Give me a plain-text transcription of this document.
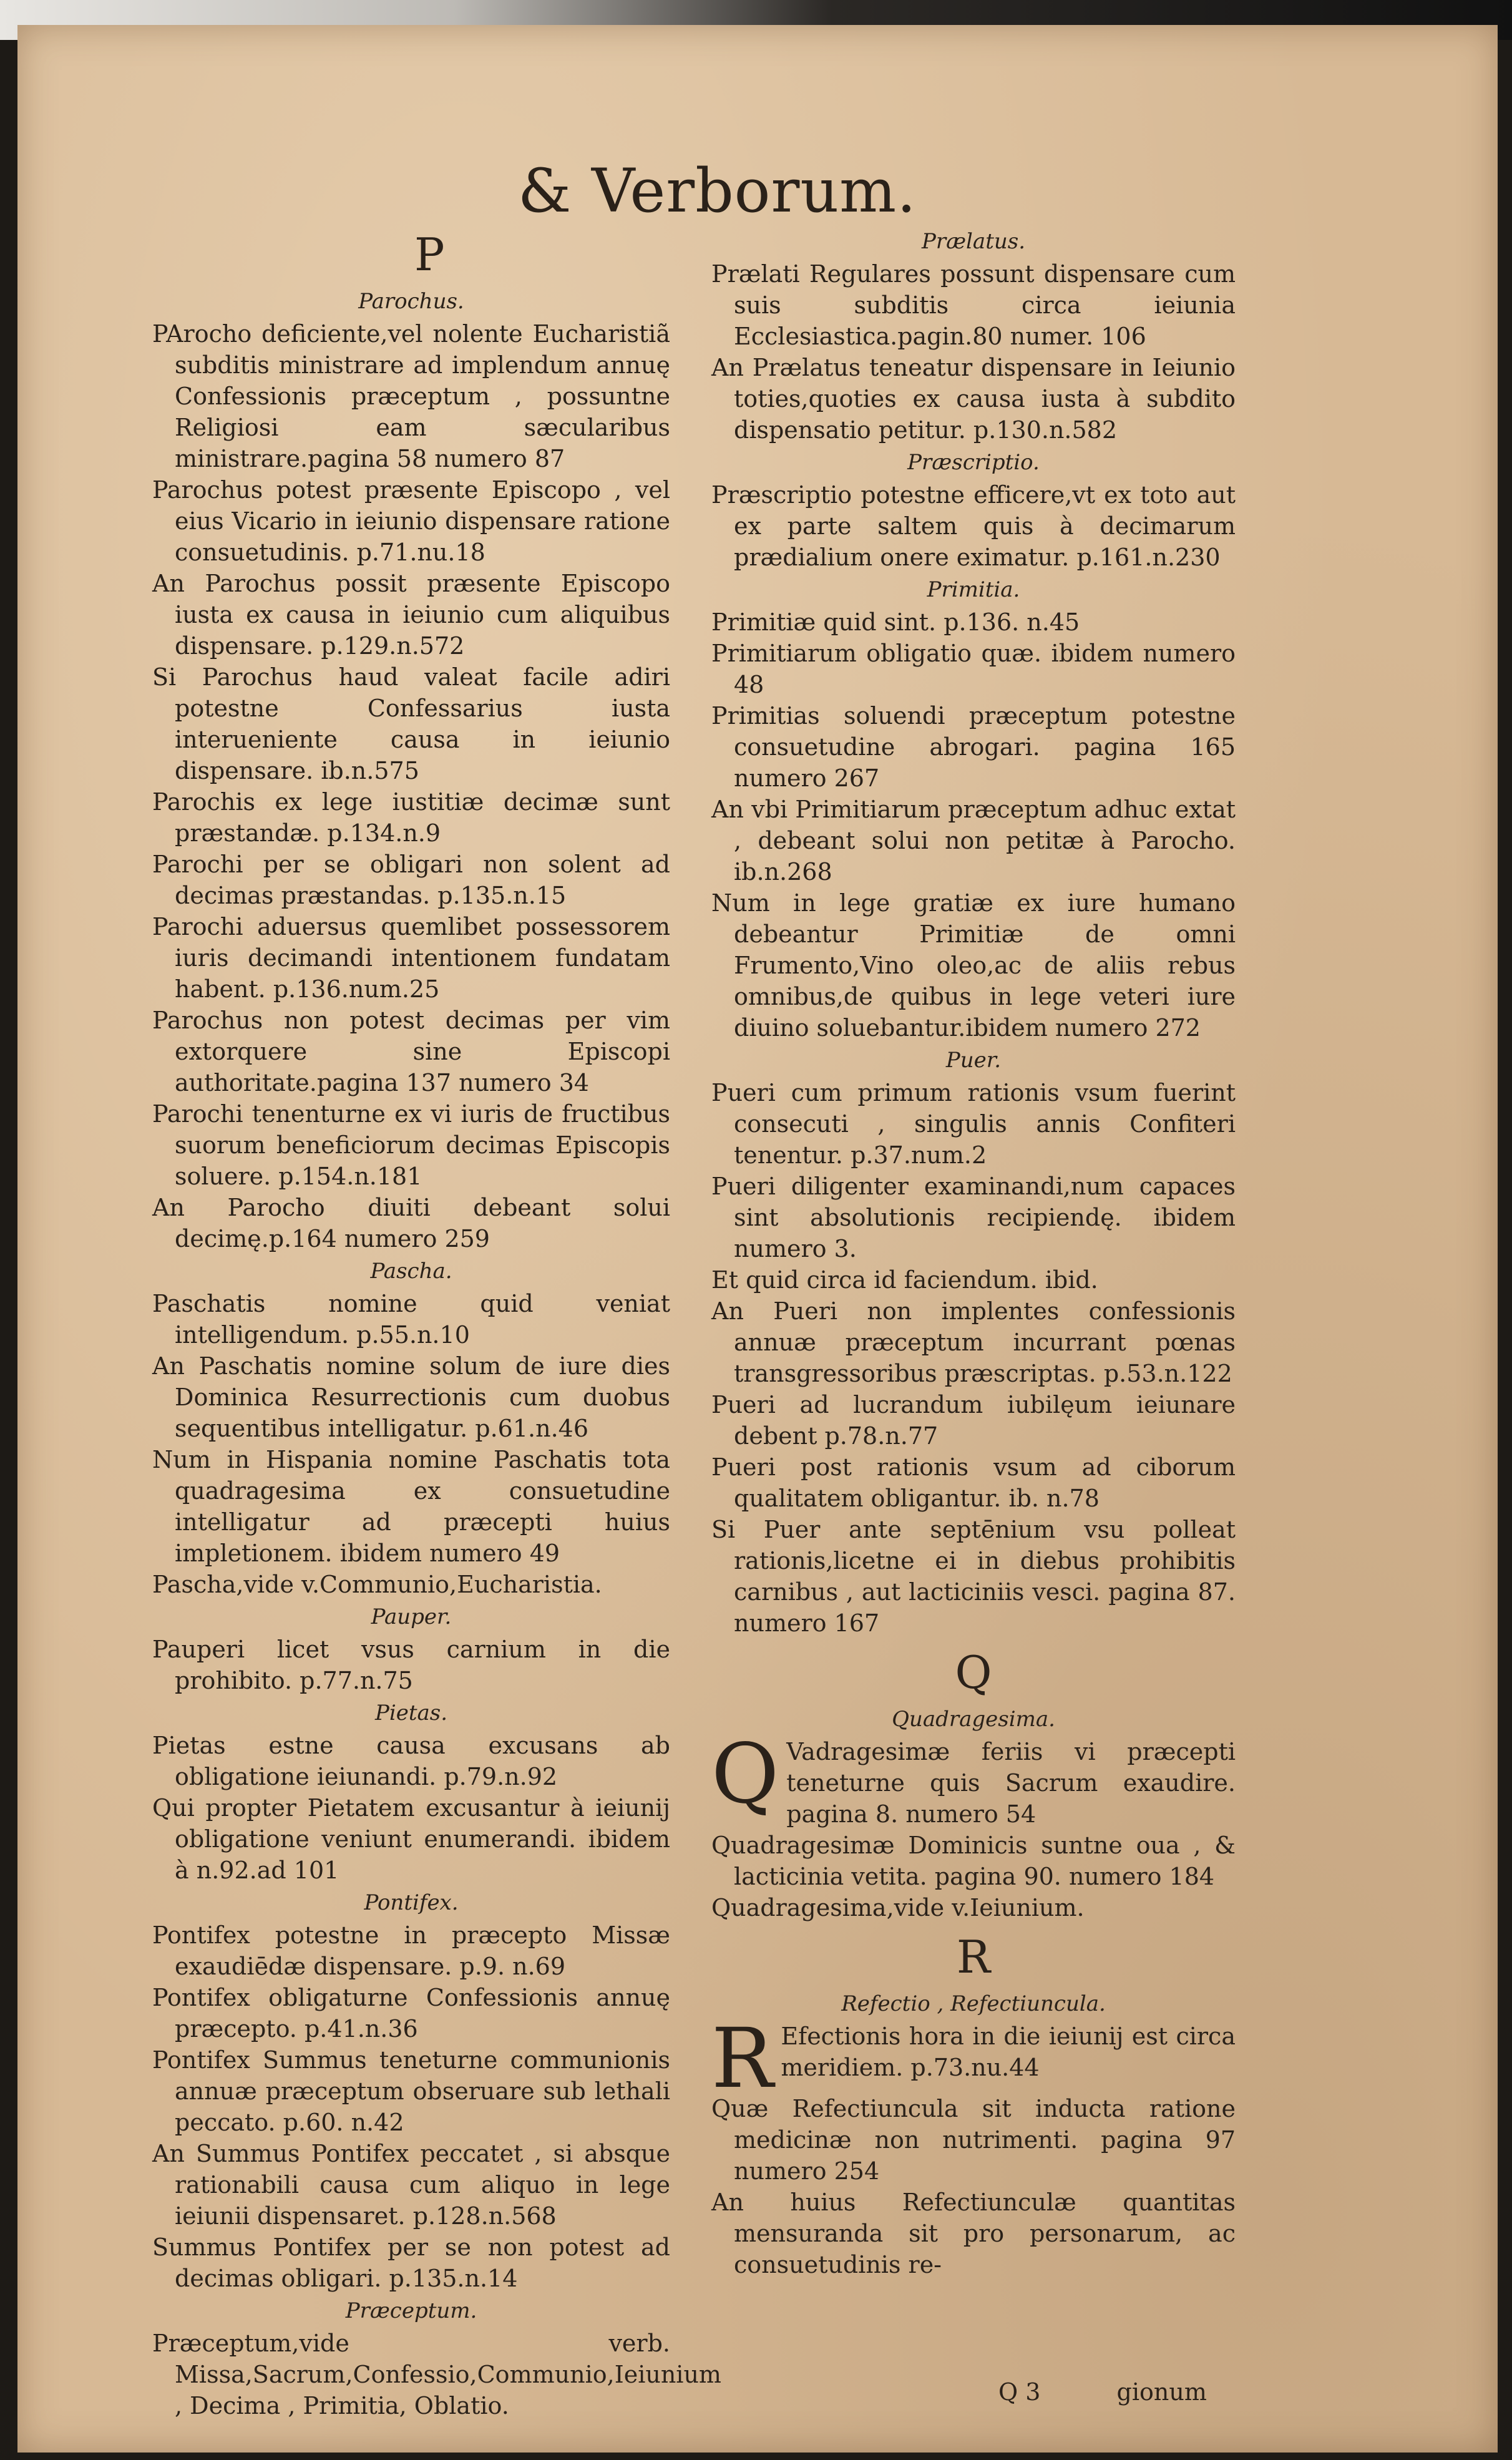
& Verborum.
P
Parochus.

PArocho deficiente,vel nolente Eucharistiã subditis ministrare ad implendum annuę Confessionis præceptum , possuntne Religiosi eam sæcularibus ministrare.pagina 58 numero 87

Parochus potest præsente Episcopo , vel eius Vicario in ieiunio dispensare ratione consuetudinis. p.71.nu.18

An Parochus possit præsente Episcopo iusta ex causa in ieiunio cum aliquibus dispensare. p.129.n.572

Si Parochus haud valeat facile adiri potestne Confessarius iusta interueniente causa in ieiunio dispensare. ib.n.575

Parochis ex lege iustitiæ decimæ sunt præstandæ. p.134.n.9

Parochi per se obligari non solent ad decimas præstandas. p.135.n.15

Parochi aduersus quemlibet possessorem iuris decimandi intentionem fundatam habent. p.136.num.25

Parochus non potest decimas per vim extorquere sine Episcopi authoritate.pagina 137 numero 34

Parochi tenenturne ex vi iuris de fructibus suorum beneficiorum decimas Episcopis soluere. p.154.n.181

An Parocho diuiti debeant solui decimę.p.164 numero 259

Pascha.

Paschatis nomine quid veniat intelligendum. p.55.n.10

An Paschatis nomine solum de iure dies Dominica Resurrectionis cum duobus sequentibus intelligatur. p.61.n.46

Num in Hispania nomine Paschatis tota quadragesima ex consuetudine intelligatur ad præcepti huius impletionem. ibidem numero 49

Pascha,vide v.Communio,Eucharistia.

Pauper.

Pauperi licet vsus carnium in die prohibito. p.77.n.75

Pietas.

Pietas estne causa excusans ab obligatione ieiunandi. p.79.n.92

Qui propter Pietatem excusantur à ieiunij obligatione veniunt enumerandi. ibidem à n.92.ad 101

Pontifex.

Pontifex potestne in præcepto Missæ exaudiēdæ dispensare. p.9. n.69

Pontifex obligaturne Confessionis annuę præcepto. p.41.n.36

Pontifex Summus teneturne communionis annuæ præceptum obseruare sub lethali peccato. p.60. n.42

An Summus Pontifex peccatet , si absque rationabili causa cum aliquo in lege ieiunii dispensaret. p.128.n.568

Summus Pontifex per se non potest ad decimas obligari. p.135.n.14

Præceptum.

Præceptum,vide verb. Missa,Sacrum,Confessio,Communio,Ieiunium , Decima , Primitia, Oblatio.

Prælatus.

Prælati Regulares possunt dispensare cum suis subditis circa ieiunia Ecclesiastica.pagin.80 numer. 106

An Prælatus teneatur dispensare in Ieiunio toties,quoties ex causa iusta à subdito dispensatio petitur. p.130.n.582

Præscriptio.

Præscriptio potestne efficere,vt ex toto aut ex parte saltem quis à decimarum prædialium onere eximatur. p.161.n.230

Primitia.

Primitiæ quid sint. p.136. n.45

Primitiarum obligatio quæ. ibidem numero 48

Primitias soluendi præceptum potestne consuetudine abrogari. pagina 165 numero 267

An vbi Primitiarum præceptum adhuc extat , debeant solui non petitæ à Parocho. ib.n.268

Num in lege gratiæ ex iure humano debeantur Primitiæ de omni Frumento,Vino oleo,ac de aliis rebus omnibus,de quibus in lege veteri iure diuino soluebantur.ibidem numero 272

Puer.

Pueri cum primum rationis vsum fuerint consecuti , singulis annis Confiteri tenentur. p.37.num.2

Pueri diligenter examinandi,num capaces sint absolutionis recipiendę. ibidem numero 3.

Et quid circa id faciendum. ibid.

An Pueri non implentes confessionis annuæ præceptum incurrant pœnas transgressoribus præscriptas. p.53.n.122

Pueri ad lucrandum iubilęum ieiunare debent p.78.n.77

Pueri post rationis vsum ad ciborum qualitatem obligantur. ib. n.78

Si Puer ante septēnium vsu polleat rationis,licetne ei in diebus prohibitis carnibus , aut lacticiniis vesci. pagina 87. numero 167

Q
Quadragesima.
Q Vadragesimæ feriis vi præcepti teneturne quis Sacrum exaudire. pagina 8. numero 54

Quadragesimæ Dominicis suntne oua , & lacticinia vetita. pagina 90. numero 184

Quadragesima,vide v.Ieiunium.

R
Refectio , Refectiuncula.
R Efectionis hora in die ieiunij est circa meridiem. p.73.nu.44

Quæ Refectiuncula sit inducta ratione medicinæ non nutrimenti. pagina 97 numero 254

An huius Refectiunculæ quantitas mensuranda sit pro personarum, ac consuetudinis re-

Q 3	gionum
